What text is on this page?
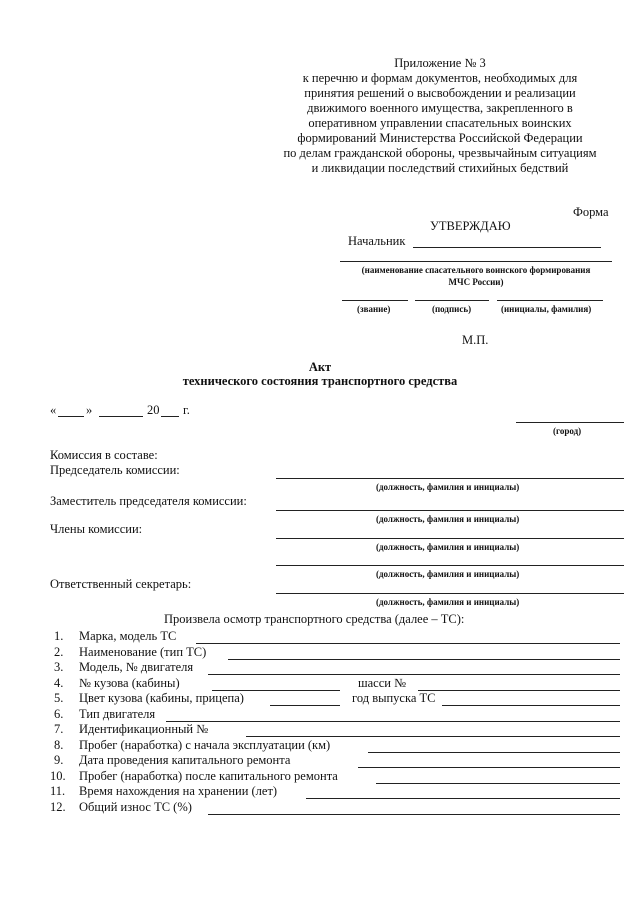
Приложение № 3
к перечню и формам документов, необходимых для
принятия решений о высвобождении и реализации
движимого военного имущества, закрепленного в
оперативном управлении спасательных воинских
формирований Министерства Российской Федерации
по делам гражданской обороны, чрезвычайным ситуациям
и ликвидации последствий стихийных бедствий
Форма
УТВЕРЖДАЮ
Начальник
(наименование спасательного воинского формирования
МЧС России)
(звание)	(подпись)	(инициалы, фамилия)
М.П.
Акт
технического состояния транспортного средства
« »	20 г.
(город)
Комиссия в составе:
Председатель комиссии:
(должность, фамилия и инициалы)
Заместитель председателя комиссии:
(должность, фамилия и инициалы)
Члены комиссии:
(должность, фамилия и инициалы)
(должность, фамилия и инициалы)
Ответственный секретарь:
(должность, фамилия и инициалы)
Произвела осмотр транспортного средства (далее – ТС):
1. Марка, модель ТС
2. Наименование (тип ТС)
3. Модель, № двигателя
4. № кузова (кабины)	шасси №
5. Цвет кузова (кабины, прицепа)	год выпуска ТС
6. Тип двигателя
7. Идентификационный №
8. Пробег (наработка) с начала эксплуатации (км)
9. Дата проведения капитального ремонта
10. Пробег (наработка) после капитального ремонта
11. Время нахождения на хранении (лет)
12. Общий износ ТС (%)
